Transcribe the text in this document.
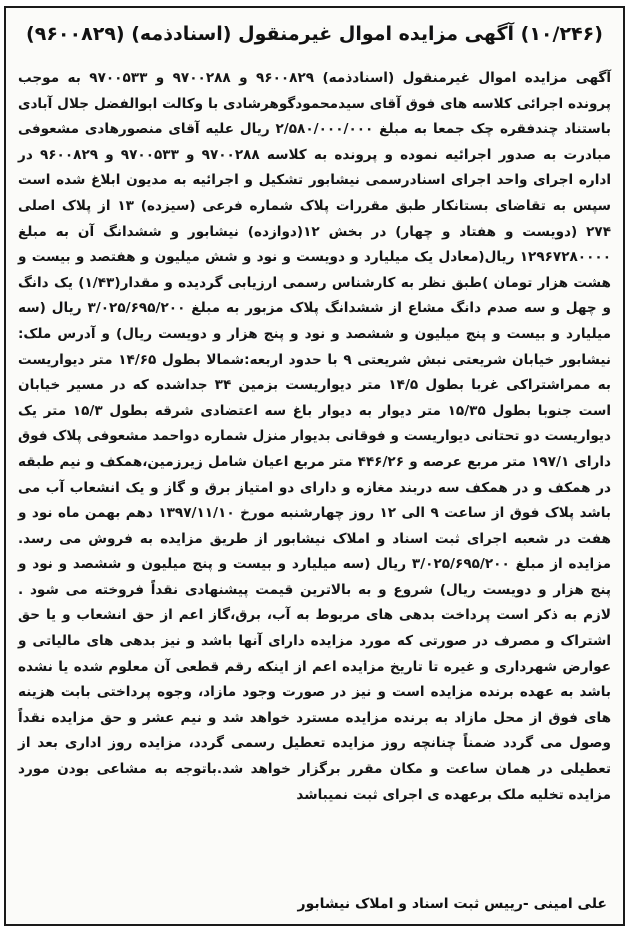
(۱۰/۲۴۶) آگهی مزایده اموال غیرمنقول (اسنادذمه) (۹۶۰۰۸۲۹)

آگهی مزایده اموال غیرمنقول (اسنادذمه) ۹۶۰۰۸۲۹ و ۹۷۰۰۲۸۸ و ۹۷۰۰۵۳۳ به موجب پرونده اجرائی کلاسه های فوق آقای سیدمحمودگوهرشادی با وکالت ابوالفضل جلال آبادی باستناد چندفقره چک جمعا به مبلغ ۲/۵۸۰/۰۰۰/۰۰۰ ریال علیه آقای منصورهادی مشعوفی مبادرت به صدور اجرائیه نموده و پرونده به کلاسه ۹۷۰۰۲۸۸ و ۹۷۰۰۵۳۳ و ۹۶۰۰۸۲۹ در اداره اجرای واحد اجرای اسنادرسمی نیشابور تشکیل و اجرائیه به مدیون ابلاغ شده است سپس به تقاضای بستانکار طبق مقررات پلاک شماره فرعی (سیزده) ۱۳ از پلاک اصلی ۲۷۴ (دویست و هفتاد و چهار) در بخش ۱۲(دوازده) نیشابور و ششدانگ آن به مبلغ ۱۲۹۶۷۲۸۰۰۰۰ ریال(معادل یک میلیارد و دویست و نود و شش میلیون و هفتصد و بیست و هشت هزار تومان )طبق نظر به کارشناس رسمی ارزیابی گردیده و مقدار(۱/۴۳) یک دانگ و چهل و سه صدم دانگ مشاع از ششدانگ پلاک مزبور به مبلغ ۳/۰۲۵/۶۹۵/۲۰۰ ریال (سه میلیارد و بیست و پنج میلیون و ششصد و نود و پنج هزار و دویست ریال) و آدرس ملک: نیشابور خیابان شریعتی نبش شریعتی ۹ با حدود اربعه:شمالا بطول ۱۴/۶۵ متر دیواریست به ممراشتراکی غربا بطول ۱۴/۵ متر دیواریست بزمین ۳۴ جداشده که در مسیر خیابان است جنوبا بطول ۱۵/۳۵ متر دیوار به دیوار باغ سه اعتضادی شرقه بطول ۱۵/۳ متر یک دیواریست دو تحتانی دیواریست و فوقانی بدیوار منزل شماره دواحمد مشعوفی پلاک فوق دارای ۱۹۷/۱ متر مربع عرصه و ۴۴۶/۲۶ متر مربع اعیان شامل زیرزمین،همکف و نیم طبقه در همکف و در همکف سه دربند مغازه و دارای دو امتیاز برق و گاز و یک انشعاب آب می باشد پلاک فوق از ساعت ۹ الی ۱۲ روز چهارشنبه مورخ ۱۳۹۷/۱۱/۱۰ دهم بهمن ماه نود و هفت در شعبه اجرای ثبت اسناد و املاک نیشابور از طریق مزایده به فروش می رسد. مزایده از مبلغ ۳/۰۲۵/۶۹۵/۲۰۰ ریال (سه میلیارد و بیست و پنج میلیون و ششصد و نود و پنج هزار و دویست ریال) شروع و به بالاترین قیمت پیشنهادی نقداً فروخته می شود . لازم به ذکر است پرداخت بدهی های مربوط به آب، برق،گاز اعم از حق انشعاب و یا حق اشتراک و مصرف در صورتی که مورد مزایده دارای آنها باشد و نیز بدهی های مالیاتی و عوارض شهرداری و غیره تا تاریخ مزایده اعم از اینکه رقم قطعی آن معلوم شده یا نشده باشد به عهده برنده مزایده است و نیز در صورت وجود مازاد، وجوه پرداختی بابت هزینه های فوق از محل مازاد به برنده مزایده مسترد خواهد شد و نیم عشر و حق مزایده نقداً وصول می گردد ضمناً چنانچه روز مزایده تعطیل رسمی گردد، مزایده روز اداری بعد از تعطیلی در همان ساعت و مکان مقرر برگزار خواهد شد.باتوجه به مشاعی بودن مورد مزایده تخلیه ملک برعهده ی اجرای ثبت نمیباشد

علی امینی -رییس ثبت اسناد و املاک نیشابور
